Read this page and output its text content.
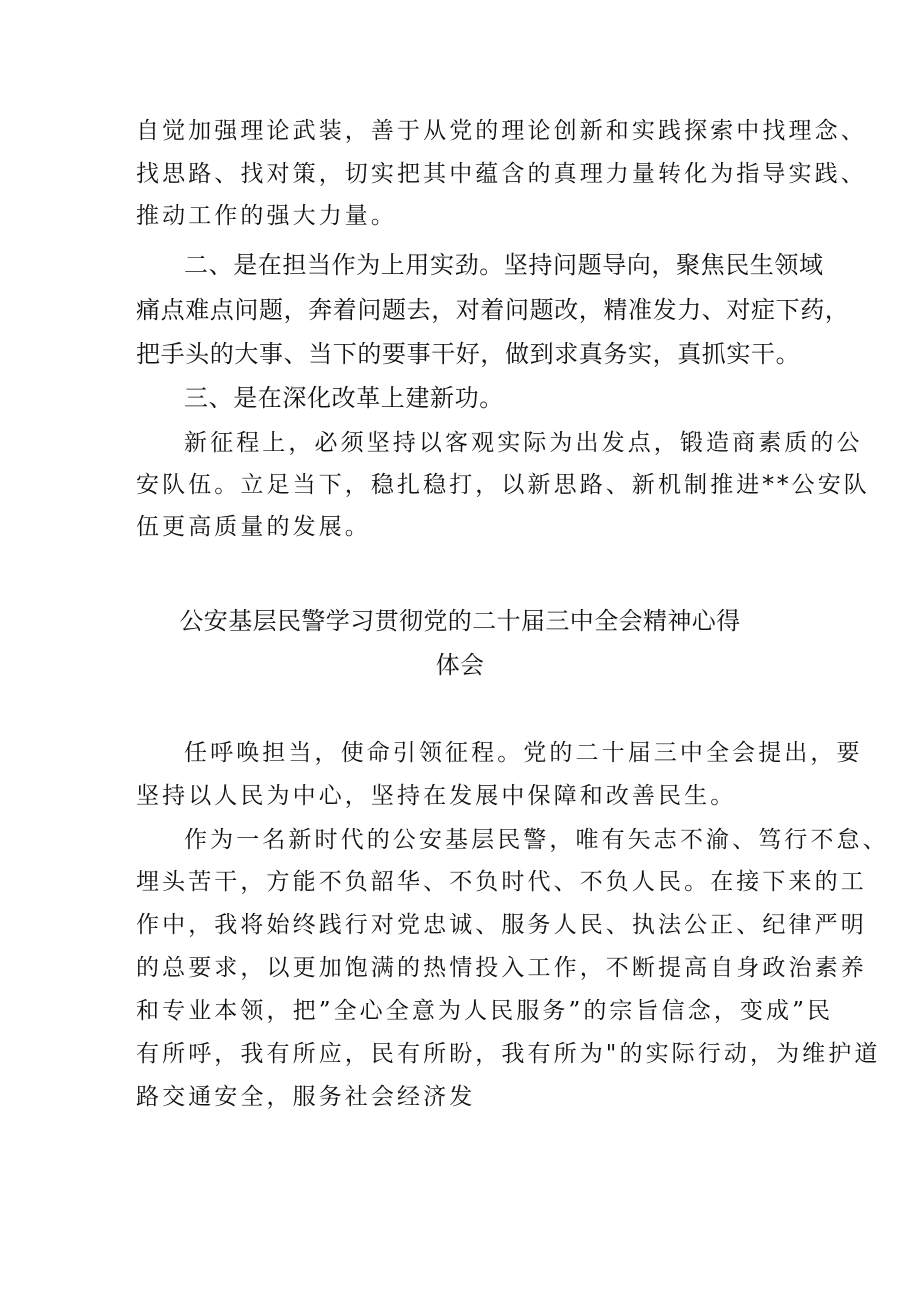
自觉加强理论武装，善于从党的理论创新和实践探索中找理念、
找思路、找对策，切实把其中蕴含的真理力量转化为指导实践、
推动工作的强大力量。
二、是在担当作为上用实劲。坚持问题导向，聚焦民生领域
痛点难点问题，奔着问题去，对着问题改，精准发力、对症下药，
把手头的大事、当下的要事干好，做到求真务实，真抓实干。
三、是在深化改革上建新功。
新征程上，必须坚持以客观实际为出发点，锻造商素质的公
安队伍。立足当下，稳扎稳打，以新思路、新机制推进**公安队
伍更高质量的发展。
公安基层民警学习贯彻党的二十届三中全会精神心得
体会
任呼唤担当，使命引领征程。党的二十届三中全会提出，要
坚持以人民为中心，坚持在发展中保障和改善民生。
作为一名新时代的公安基层民警，唯有矢志不渝、笃行不怠、
埋头苦干，方能不负韶华、不负时代、不负人民。在接下来的工
作中，我将始终践行对党忠诚、服务人民、执法公正、纪律严明
的总要求，以更加饱满的热情投入工作，不断提高自身政治素养
和专业本领，把”全心全意为人民服务”的宗旨信念，变成”民
有所呼，我有所应，民有所盼，我有所为"的实际行动，为维护道
路交通安全，服务社会经济发
